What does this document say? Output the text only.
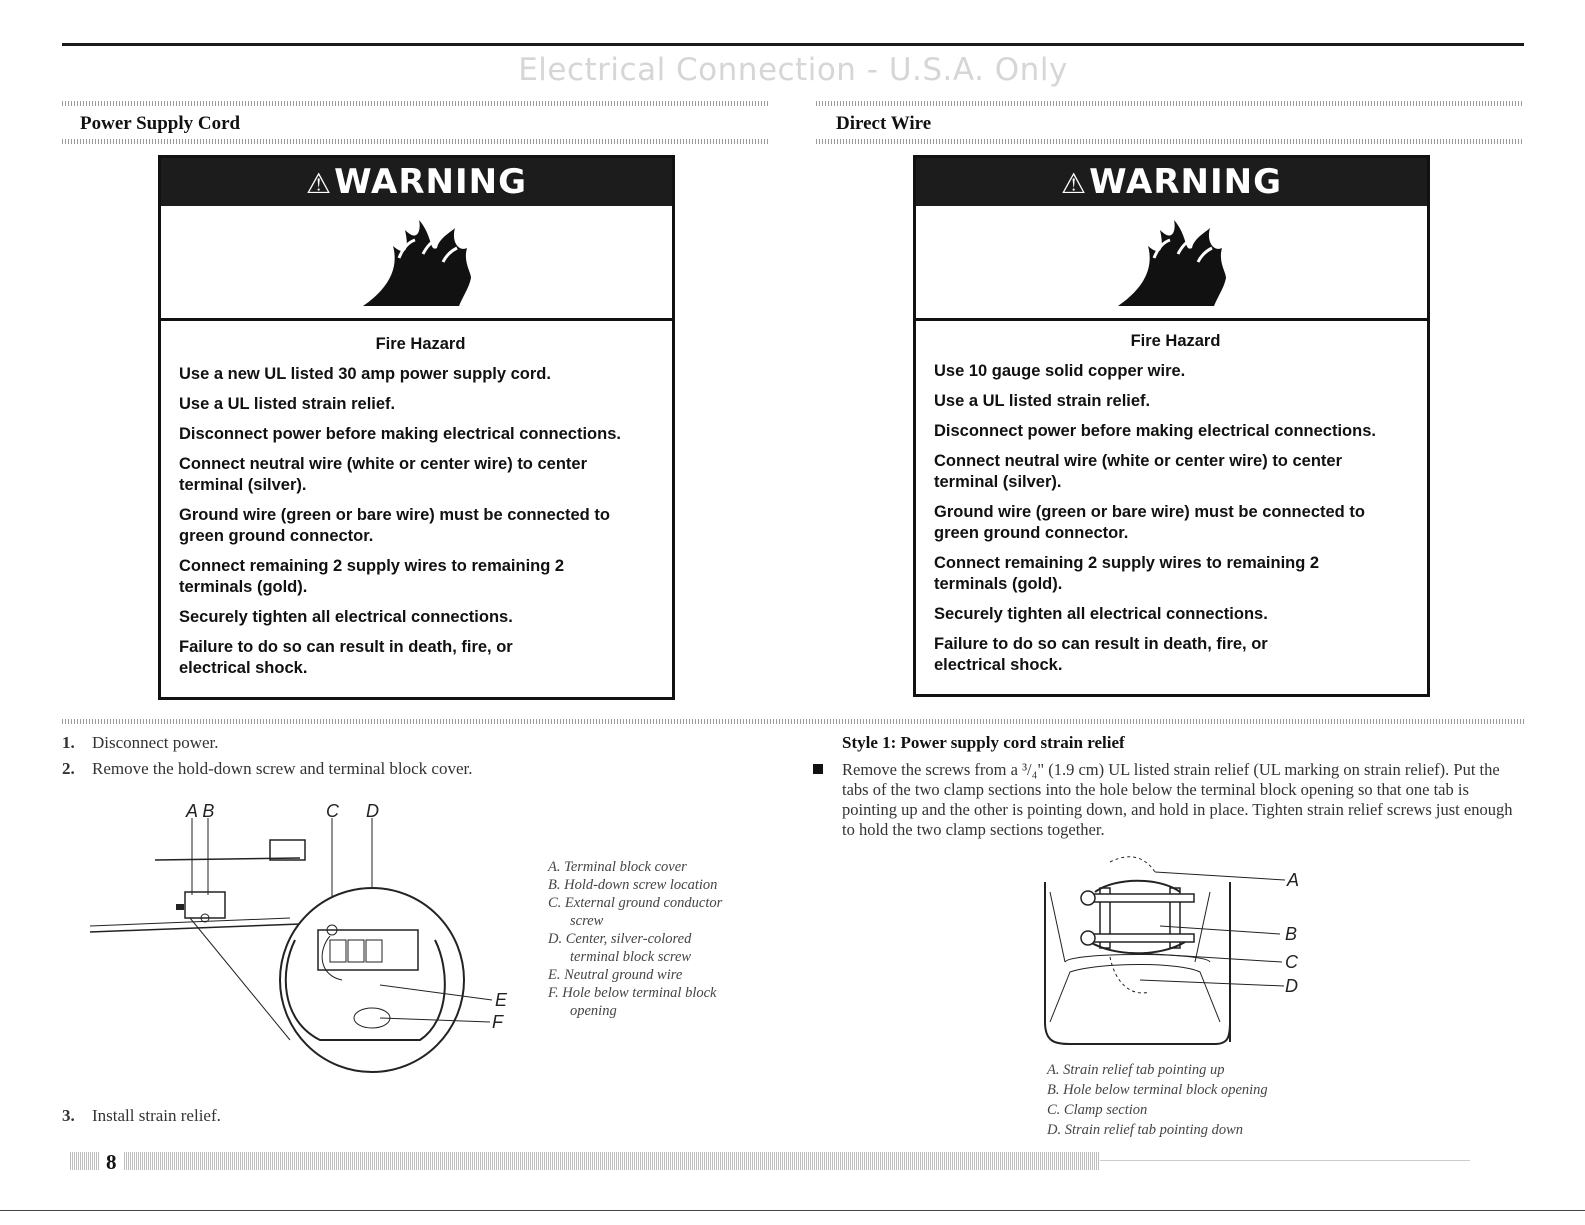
Electrical Connection - U.S.A. Only
Power Supply Cord
⚠WARNING
Fire Hazard

Use a new UL listed 30 amp power supply cord.

Use a UL listed strain relief.

Disconnect power before making electrical connections.

Connect neutral wire (white or center wire) to center terminal (silver).

Ground wire (green or bare wire) must be connected to green ground connector.

Connect remaining 2 supply wires to remaining 2 terminals (gold).

Securely tighten all electrical connections.

Failure to do so can result in death, fire, or electrical shock.

Direct Wire
⚠WARNING
Fire Hazard

Use 10 gauge solid copper wire.

Use a UL listed strain relief.

Disconnect power before making electrical connections.

Connect neutral wire (white or center wire) to center terminal (silver).

Ground wire (green or bare wire) must be connected to green ground connector.

Connect remaining 2 supply wires to remaining 2 terminals (gold).

Securely tighten all electrical connections.

Failure to do so can result in death, fire, or electrical shock.

1. Disconnect power.
2. Remove the hold-down screw and terminal block cover.
3. Install strain relief.
A B	C D
E
F
A. Terminal block cover
B. Hold-down screw location
C. External ground conductor
screw
D. Center, silver-colored
terminal block screw
E. Neutral ground wire
F. Hole below terminal block
opening
Style 1: Power supply cord strain relief
Remove the screws from a ³/₄" (1.9 cm) UL listed strain relief (UL marking on strain relief). Put the tabs of the two clamp sections into the hole below the terminal block opening so that one tab is pointing up and the other is pointing down, and hold in place. Tighten strain relief screws just enough to hold the two clamp sections together.
A
B
C
D
A. Strain relief tab pointing up
B. Hole below terminal block opening
C. Clamp section
D. Strain relief tab pointing down
8
